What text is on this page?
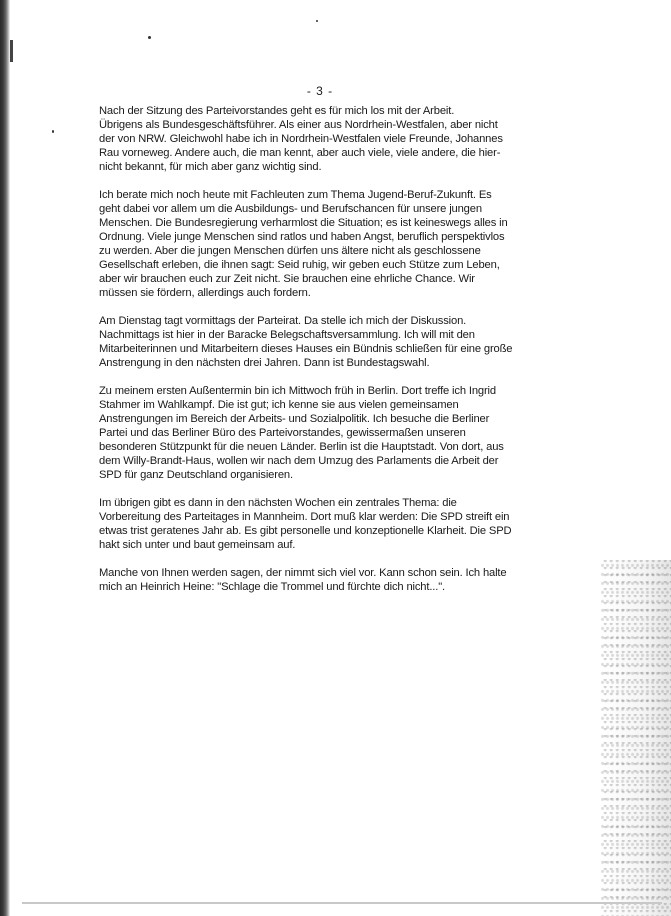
- 3 -

Nach der Sitzung des Parteivorstandes geht es für mich los mit der Arbeit.
Übrigens als Bundesgeschäftsführer. Als einer aus Nordrhein-Westfalen, aber nicht
der von NRW. Gleichwohl habe ich in Nordrhein-Westfalen viele Freunde, Johannes
Rau vorneweg. Andere auch, die man kennt, aber auch viele, viele andere, die hier-
nicht bekannt, für mich aber ganz wichtig sind.

Ich berate mich noch heute mit Fachleuten zum Thema Jugend-Beruf-Zukunft. Es
geht dabei vor allem um die Ausbildungs- und Berufschancen für unsere jungen
Menschen. Die Bundesregierung verharmlost die Situation; es ist keineswegs alles in
Ordnung. Viele junge Menschen sind ratlos und haben Angst, beruflich perspektivlos
zu werden. Aber die jungen Menschen dürfen uns ältere nicht als geschlossene
Gesellschaft erleben, die ihnen sagt: Seid ruhig, wir geben euch Stütze zum Leben,
aber wir brauchen euch zur Zeit nicht. Sie brauchen eine ehrliche Chance. Wir
müssen sie fördern, allerdings auch fordern.

Am Dienstag tagt vormittags der Parteirat. Da stelle ich mich der Diskussion.
Nachmittags ist hier in der Baracke Belegschaftsversammlung. Ich will mit den
Mitarbeiterinnen und Mitarbeitern dieses Hauses ein Bündnis schließen für eine große
Anstrengung in den nächsten drei Jahren. Dann ist Bundestagswahl.

Zu meinem ersten Außentermin bin ich Mittwoch früh in Berlin. Dort treffe ich Ingrid
Stahmer im Wahlkampf. Die ist gut; ich kenne sie aus vielen gemeinsamen
Anstrengungen im Bereich der Arbeits- und Sozialpolitik. Ich besuche die Berliner
Partei und das Berliner Büro des Parteivorstandes, gewissermaßen unseren
besonderen Stützpunkt für die neuen Länder. Berlin ist die Hauptstadt. Von dort, aus
dem Willy-Brandt-Haus, wollen wir nach dem Umzug des Parlaments die Arbeit der
SPD für ganz Deutschland organisieren.

Im übrigen gibt es dann in den nächsten Wochen ein zentrales Thema: die
Vorbereitung des Parteitages in Mannheim. Dort muß klar werden: Die SPD streift ein
etwas trist geratenes Jahr ab. Es gibt personelle und konzeptionelle Klarheit. Die SPD
hakt sich unter und baut gemeinsam auf.

Manche von Ihnen werden sagen, der nimmt sich viel vor. Kann schon sein. Ich halte
mich an Heinrich Heine: "Schlage die Trommel und fürchte dich nicht...".
